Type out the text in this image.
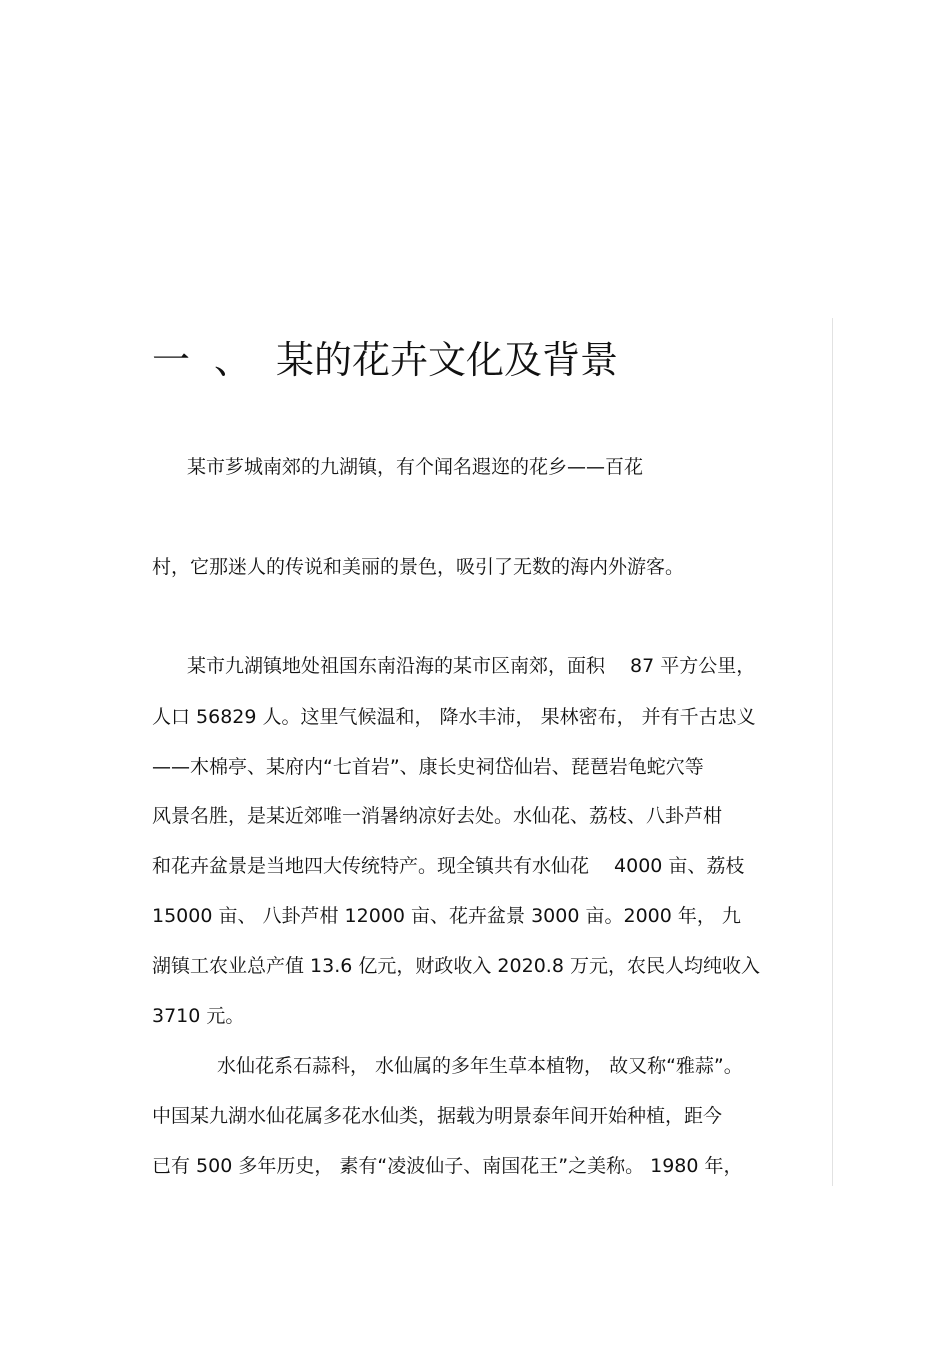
一 、 某的花卉文化及背景

某市芗城南郊的九湖镇，有个闻名遐迩的花乡——百花

村，它那迷人的传说和美丽的景色，吸引了无数的海内外游客。

某市九湖镇地处祖国东南沿海的某市区南郊，面积　 87 平方公里，

人口 56829 人。这里气候温和， 降水丰沛， 果林密布， 并有千古忠义

——木棉亭、某府内“七首岩”、康长史祠岱仙岩、琵琶岩龟蛇穴等

风景名胜，是某近郊唯一消暑纳凉好去处。水仙花、荔枝、八卦芦柑

和花卉盆景是当地四大传统特产。现全镇共有水仙花　 4000 亩、荔枝

15000 亩、 八卦芦柑 12000 亩、花卉盆景 3000 亩。2000 年， 九

湖镇工农业总产值 13.6 亿元，财政收入 2020.8 万元，农民人均纯收入

3710 元。

水仙花系石蒜科， 水仙属的多年生草本植物， 故又称“雅蒜”。

中国某九湖水仙花属多花水仙类，据载为明景泰年间开始种植，距今

已有 500 多年历史， 素有“凌波仙子、南国花王”之美称。 1980 年，
